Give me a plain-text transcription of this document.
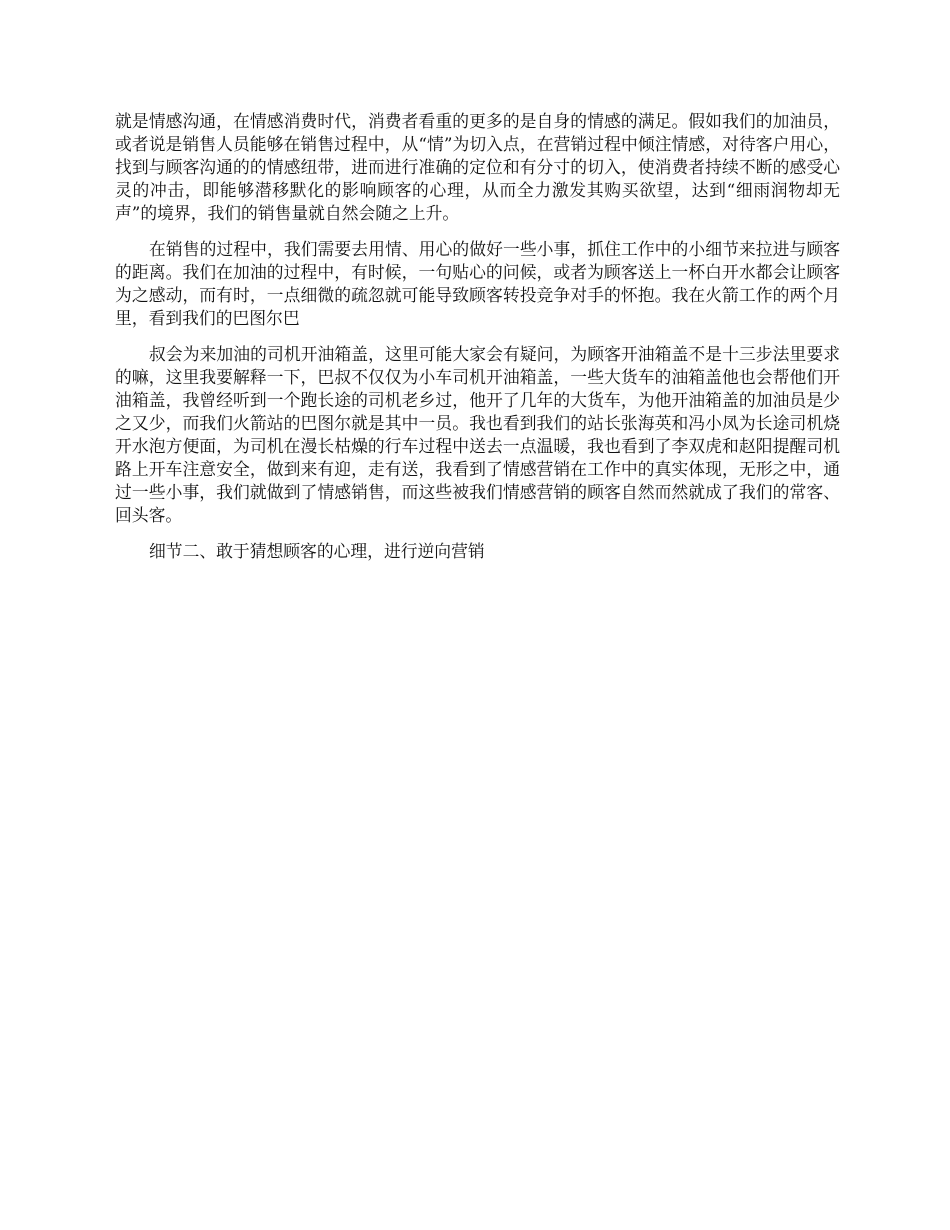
就是情感沟通，在情感消费时代，消费者看重的更多的是自身的情感的满足。假如我们的加油员，或者说是销售人员能够在销售过程中，从“情”为切入点，在营销过程中倾注情感，对待客户用心，找到与顾客沟通的的情感纽带，进而进行准确的定位和有分寸的切入，使消费者持续不断的感受心灵的冲击，即能够潜移默化的影响顾客的心理，从而全力激发其购买欲望，达到“细雨润物却无声”的境界，我们的销售量就自然会随之上升。

在销售的过程中，我们需要去用情、用心的做好一些小事，抓住工作中的小细节来拉进与顾客的距离。我们在加油的过程中，有时候，一句贴心的问候，或者为顾客送上一杯白开水都会让顾客为之感动，而有时，一点细微的疏忽就可能导致顾客转投竞争对手的怀抱。我在火箭工作的两个月里，看到我们的巴图尔巴

叔会为来加油的司机开油箱盖，这里可能大家会有疑问，为顾客开油箱盖不是十三步法里要求的嘛，这里我要解释一下，巴叔不仅仅为小车司机开油箱盖，一些大货车的油箱盖他也会帮他们开油箱盖，我曾经听到一个跑长途的司机老乡过，他开了几年的大货车，为他开油箱盖的加油员是少之又少，而我们火箭站的巴图尔就是其中一员。我也看到我们的站长张海英和冯小凤为长途司机烧开水泡方便面，为司机在漫长枯燥的行车过程中送去一点温暖，我也看到了李双虎和赵阳提醒司机路上开车注意安全，做到来有迎，走有送，我看到了情感营销在工作中的真实体现，无形之中，通过一些小事，我们就做到了情感销售，而这些被我们情感营销的顾客自然而然就成了我们的常客、回头客。

细节二、敢于猜想顾客的心理，进行逆向营销
